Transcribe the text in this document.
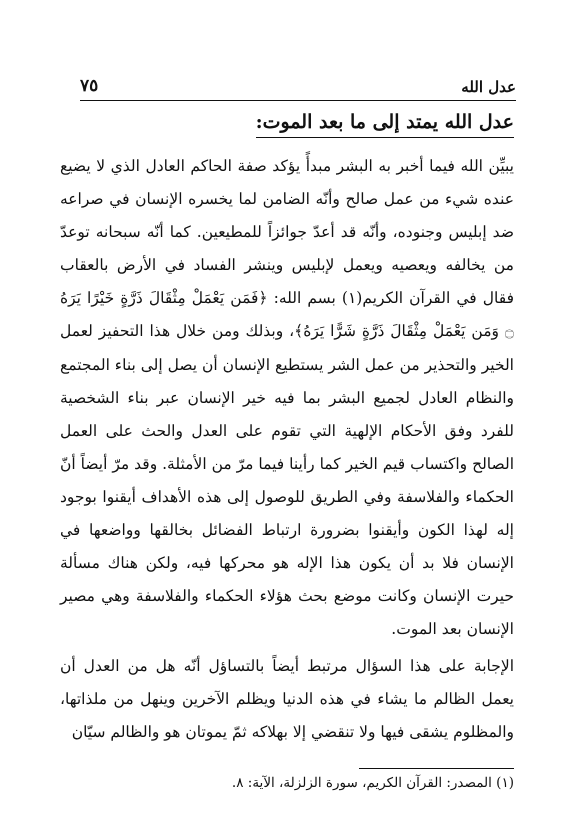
عدل الله
٧٥
عدل الله يمتد إلى ما بعد الموت:

يبيِّن الله فيما أخبر به البشر مبدأً يؤكد صفة الحاكم العادل الذي لا يضيع عنده شيء من عمل صالح وأنّه الضامن لما يخسره الإنسان في صراعه ضد إبليس وجنوده، وأنّه قد أعدّ جوائزاً للمطيعين. كما أنّه سبحانه توعدّ من يخالفه ويعصيه ويعمل لإبليس وينشر الفساد في الأرض بالعقاب فقال في القرآن الكريم(١) بسم الله: ﴿فَمَن يَعْمَلْ مِثْقَالَ ذَرَّةٍ خَيْرًا يَرَهُ ۝ وَمَن يَعْمَلْ مِثْقَالَ ذَرَّةٍ شَرًّا يَرَهُ﴾، وبذلك ومن خلال هذا التحفيز لعمل الخير والتحذير من عمل الشر يستطيع الإنسان أن يصل إلى بناء المجتمع والنظام العادل لجميع البشر بما فيه خير الإنسان عبر بناء الشخصية للفرد وفق الأحكام الإلهية التي تقوم على العدل والحث على العمل الصالح واكتساب قيم الخير كما رأينا فيما مرّ من الأمثلة. وقد مرّ أيضاً أنّ الحكماء والفلاسفة وفي الطريق للوصول إلى هذه الأهداف أيقنوا بوجود إله لهذا الكون وأيقنوا بضرورة ارتباط الفضائل بخالقها وواضعها في الإنسان فلا بد أن يكون هذا الإله هو محركها فيه، ولكن هناك مسألة حيرت الإنسان وكانت موضع بحث هؤلاء الحكماء والفلاسفة وهي مصير الإنسان بعد الموت.

الإجابة على هذا السؤال مرتبط أيضاً بالتساؤل أنّه هل من العدل أن يعمل الظالم ما يشاء في هذه الدنيا ويظلم الآخرين وينهل من ملذاتها، والمظلوم يشقى فيها ولا تنقضي إلا بهلاكه ثمّ يموتان هو والظالم سيّان

(١) المصدر: القرآن الكريم، سورة الزلزلة، الآية: ٨.
